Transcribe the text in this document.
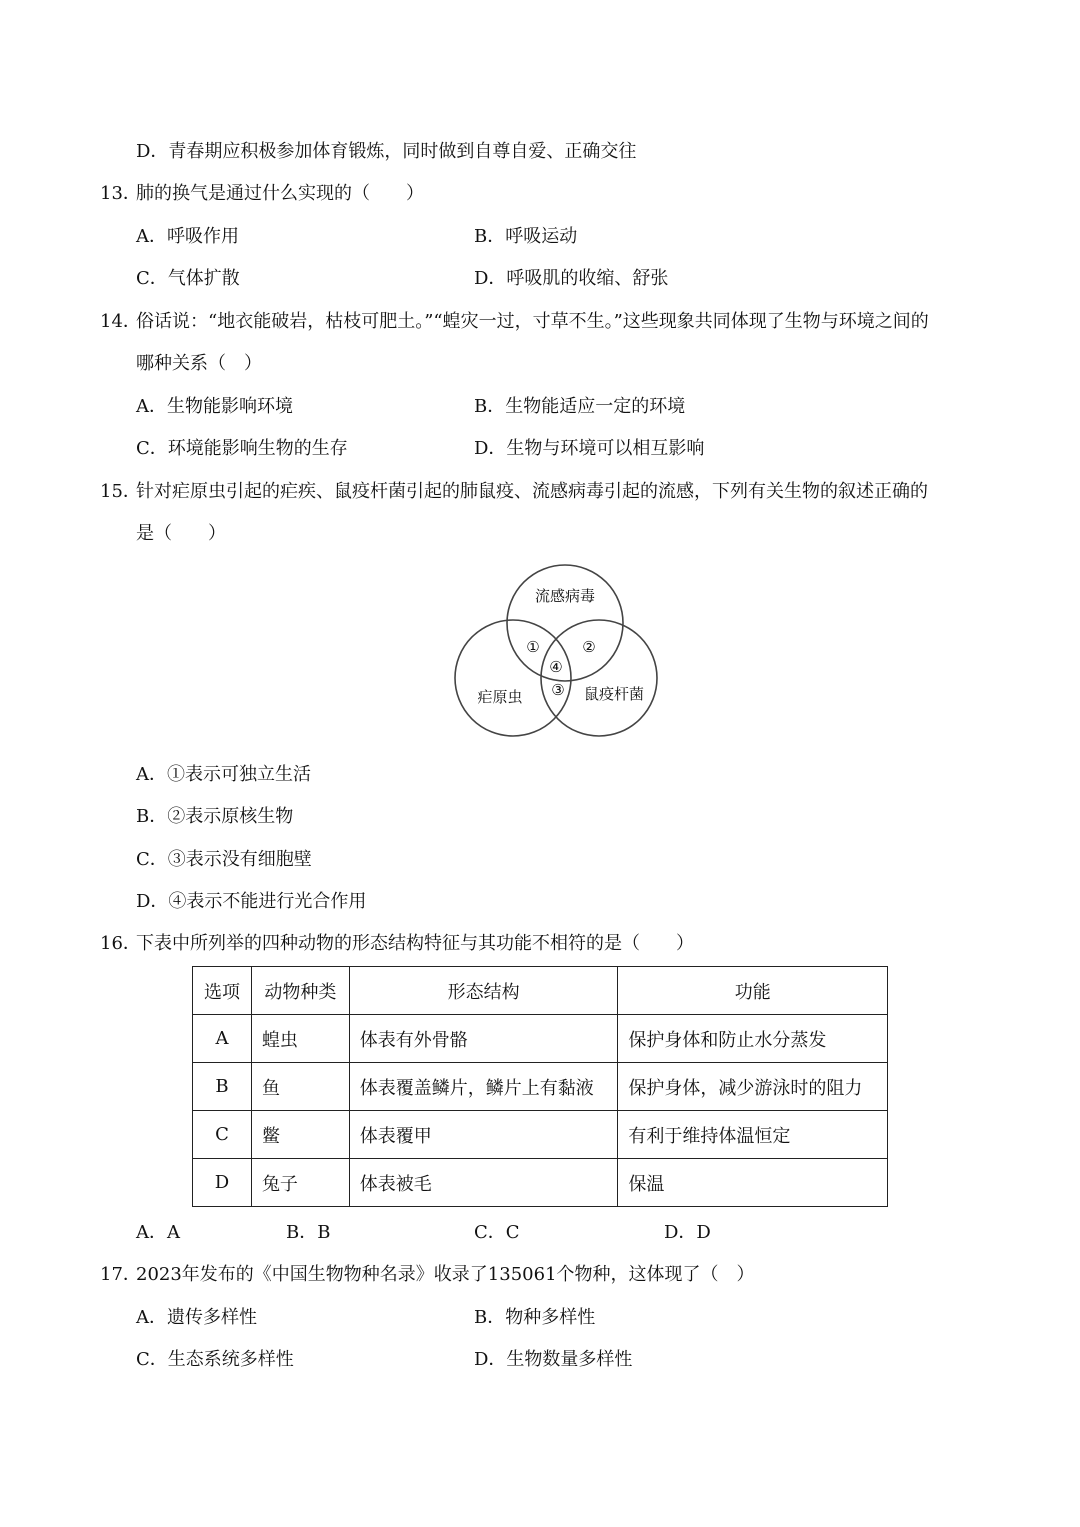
D．青春期应积极参加体育锻炼，同时做到自尊自爱、正确交往
13．
肺的换气是通过什么实现的（　　）
A．呼吸作用	B．呼吸运动
C．气体扩散	D．呼吸肌的收缩、舒张
14．
俗话说：“地衣能破岩，枯枝可肥土。”“蝗灾一过，寸草不生。”这些现象共同体现了生物与环境之间的
哪种关系（　）
A．生物能影响环境	B．生物能适应一定的环境
C．环境能影响生物的生存	D．生物与环境可以相互影响
15．
针对疟原虫引起的疟疾、鼠疫杆菌引起的肺鼠疫、流感病毒引起的流感，下列有关生物的叙述正确的
是（　　）
流感病毒
疟原虫	鼠疫杆菌
①	②
④
③
A．①表示可独立生活
B．②表示原核生物
C．③表示没有细胞壁
D．④表示不能进行光合作用
16．
下表中所列举的四种动物的形态结构特征与其功能不相符的是（　　）
选项	动物种类	形态结构	功能
A	蝗虫	体表有外骨骼	保护身体和防止水分蒸发
B	鱼	体表覆盖鳞片，鳞片上有黏液	保护身体，减少游泳时的阻力
C	鳖	体表覆甲	有利于维持体温恒定
D	兔子	体表被毛	保温
A．A	B．B	C．C	D．D
17．
2023年发布的《中国生物物种名录》收录了135061个物种，这体现了（　）
A．遗传多样性	B．物种多样性
C．生态系统多样性	D．生物数量多样性
